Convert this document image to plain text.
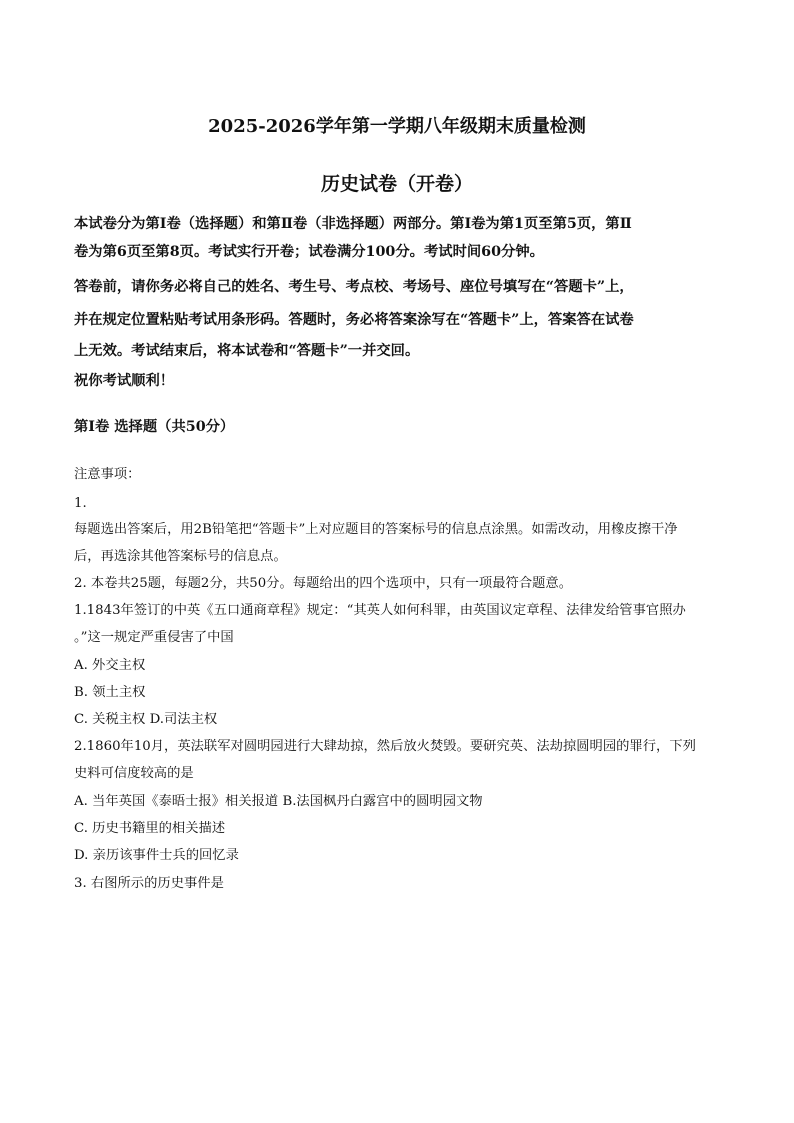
2025-2026学年第一学期八年级期末质量检测
历史试卷（开卷）
本试卷分为第Ⅰ卷（选择题）和第Ⅱ卷（非选择题）两部分。第Ⅰ卷为第1页至第5页，第Ⅱ
卷为第6页至第8页。考试实行开卷；试卷满分100分。考试时间60分钟。
答卷前，请你务必将自己的姓名、考生号、考点校、考场号、座位号填写在“答题卡”上，
并在规定位置粘贴考试用条形码。答题时，务必将答案涂写在“答题卡”上，答案答在试卷
上无效。考试结束后，将本试卷和“答题卡”一并交回。
祝你考试顺利！
第Ⅰ卷 选择题（共50分）
注意事项：
1.
每题选出答案后，用2B铅笔把“答题卡”上对应题目的答案标号的信息点涂黑。如需改动，用橡皮擦干净
后，再选涂其他答案标号的信息点。
2. 本卷共25题，每题2分，共50分。每题给出的四个选项中，只有一项最符合题意。
1.1843年签订的中英《五口通商章程》规定：“其英人如何科罪，由英国议定章程、法律发给管事官照办
。”这一规定严重侵害了中国
A. 外交主权
B. 领土主权
C. 关税主权 D.司法主权
2.1860年10月，英法联军对圆明园进行大肆劫掠，然后放火焚毁。要研究英、法劫掠圆明园的罪行，下列
史料可信度较高的是
A. 当年英国《泰晤士报》相关报道 B.法国枫丹白露宫中的圆明园文物
C. 历史书籍里的相关描述
D. 亲历该事件士兵的回忆录
3. 右图所示的历史事件是
